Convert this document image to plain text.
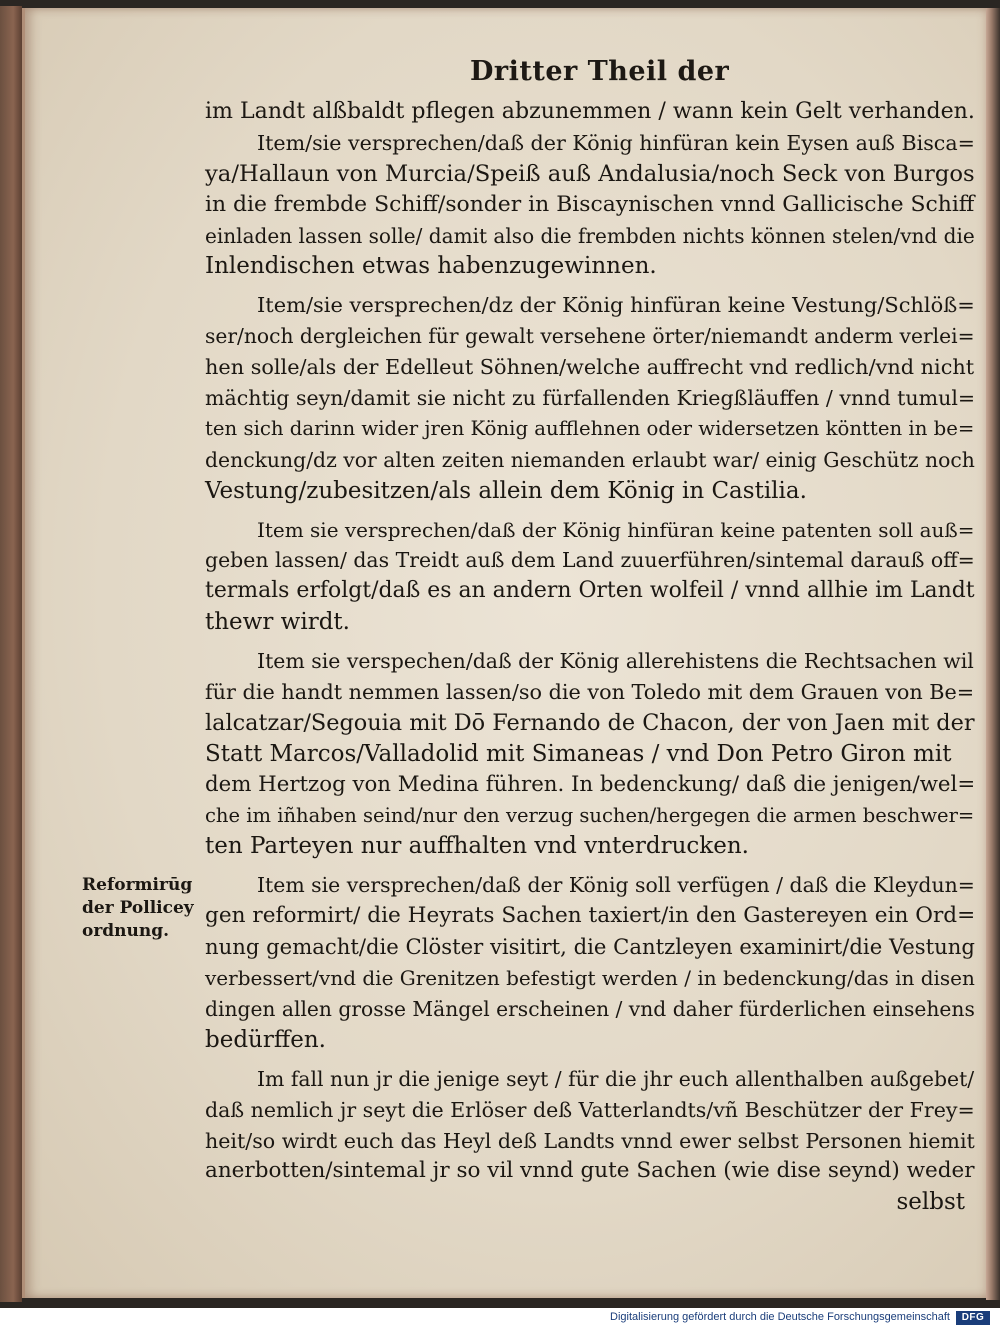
Dritter Theil der
Reformirūg
der Pollicey
ordnung.
im Landt alßbaldt pflegen abzunemmen / wann kein Gelt verhanden.
Item/sie versprechen/daß der König hinfüran kein Eysen auß Bisca=
ya/Hallaun von Murcia/Speiß auß Andalusia/noch Seck von Burgos
in die frembde Schiff/sonder in Biscaynischen vnnd Gallicische Schiff
einladen lassen solle/ damit also die frembden nichts können stelen/vnd die
Inlendischen etwas habenzugewinnen.
Item/sie versprechen/dz der König hinfüran keine Vestung/Schlöß=
ser/noch dergleichen für gewalt versehene örter/niemandt anderm verlei=
hen solle/als der Edelleut Söhnen/welche auffrecht vnd redlich/vnd nicht
mächtig seyn/damit sie nicht zu fürfallenden Kriegßläuffen / vnnd tumul=
ten sich darinn wider jren König aufflehnen oder widersetzen köntten in be=
denckung/dz vor alten zeiten niemanden erlaubt war/ einig Geschütz noch
Vestung/zubesitzen/als allein dem König in Castilia.
Item sie versprechen/daß der König hinfüran keine patenten soll auß=
geben lassen/ das Treidt auß dem Land zuuerführen/sintemal darauß off=
termals erfolgt/daß es an andern Orten wolfeil / vnnd allhie im Landt
thewr wirdt.
Item sie verspechen/daß der König allerehistens die Rechtsachen wil
für die handt nemmen lassen/so die von Toledo mit dem Grauen von Be=
lalcatzar/Segouia mit Dō Fernando de Chacon, der von Jaen mit der
Statt Marcos/Valladolid mit Simaneas / vnd Don Petro Giron mit
dem Hertzog von Medina führen. In bedenckung/ daß die jenigen/wel=
che im iñhaben seind/nur den verzug suchen/hergegen die armen beschwer=
ten Parteyen nur auffhalten vnd vnterdrucken.
Item sie versprechen/daß der König soll verfügen / daß die Kleydun=
gen reformirt/ die Heyrats Sachen taxiert/in den Gastereyen ein Ord=
nung gemacht/die Clöster visitirt, die Cantzleyen examinirt/die Vestung
verbessert/vnd die Grenitzen befestigt werden / in bedenckung/das in disen
dingen allen grosse Mängel erscheinen / vnd daher fürderlichen einsehens
bedürffen.
Im fall nun jr die jenige seyt / für die jhr euch allenthalben außgebet/
daß nemlich jr seyt die Erlöser deß Vatterlandts/vñ Beschützer der Frey=
heit/so wirdt euch das Heyl deß Landts vnnd ewer selbst Personen hiemit
anerbotten/sintemal jr so vil vnnd gute Sachen (wie dise seynd) weder
selbst
Digitalisierung gefördert durch die Deutsche Forschungsgemeinschaft	DFG
